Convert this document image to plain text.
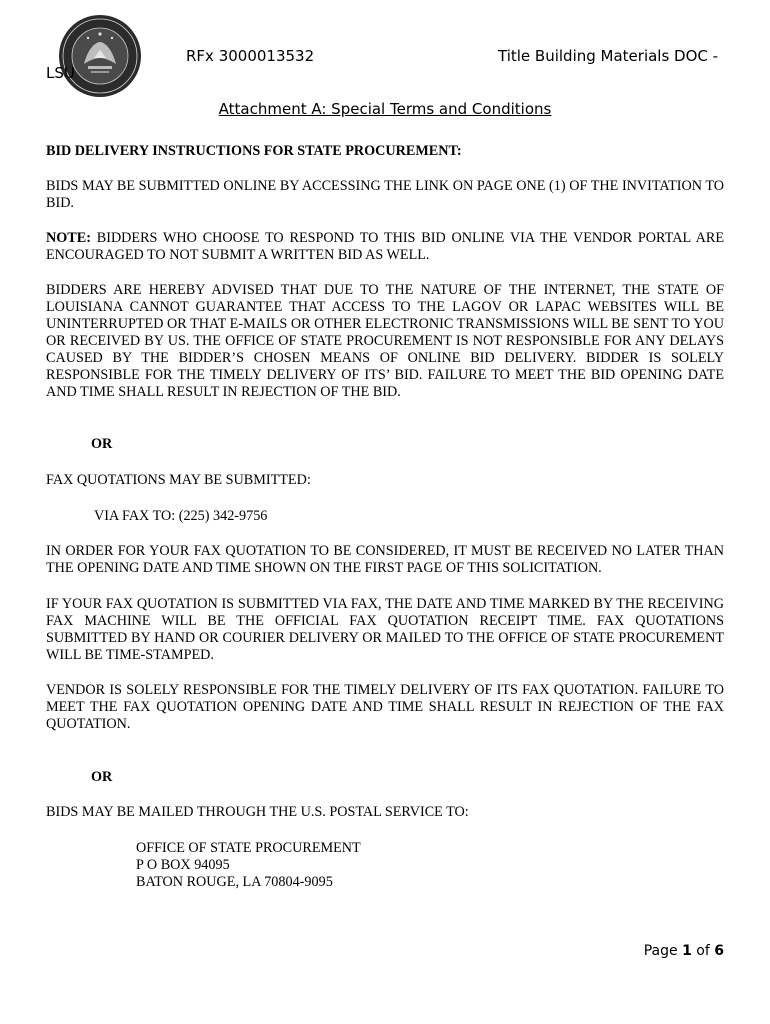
RFx 3000013532	Title Building Materials DOC -
LSU
Attachment A: Special Terms and Conditions
BID DELIVERY INSTRUCTIONS FOR STATE PROCUREMENT:
BIDS MAY BE SUBMITTED ONLINE BY ACCESSING THE LINK ON PAGE ONE (1) OF THE INVITATION TO BID.
NOTE: BIDDERS WHO CHOOSE TO RESPOND TO THIS BID ONLINE VIA THE VENDOR PORTAL ARE ENCOURAGED TO NOT SUBMIT A WRITTEN BID AS WELL.
BIDDERS ARE HEREBY ADVISED THAT DUE TO THE NATURE OF THE INTERNET, THE STATE OF LOUISIANA CANNOT GUARANTEE THAT ACCESS TO THE LAGOV OR LAPAC WEBSITES WILL BE UNINTERRUPTED OR THAT E-MAILS OR OTHER ELECTRONIC TRANSMISSIONS WILL BE SENT TO YOU OR RECEIVED BY US. THE OFFICE OF STATE PROCUREMENT IS NOT RESPONSIBLE FOR ANY DELAYS CAUSED BY THE BIDDER’S CHOSEN MEANS OF ONLINE BID DELIVERY. BIDDER IS SOLELY RESPONSIBLE FOR THE TIMELY DELIVERY OF ITS’ BID. FAILURE TO MEET THE BID OPENING DATE AND TIME SHALL RESULT IN REJECTION OF THE BID.
OR
FAX QUOTATIONS MAY BE SUBMITTED:
VIA FAX TO: (225) 342-9756
IN ORDER FOR YOUR FAX QUOTATION TO BE CONSIDERED, IT MUST BE RECEIVED NO LATER THAN THE OPENING DATE AND TIME SHOWN ON THE FIRST PAGE OF THIS SOLICITATION.
IF YOUR FAX QUOTATION IS SUBMITTED VIA FAX, THE DATE AND TIME MARKED BY THE RECEIVING FAX MACHINE WILL BE THE OFFICIAL FAX QUOTATION RECEIPT TIME. FAX QUOTATIONS SUBMITTED BY HAND OR COURIER DELIVERY OR MAILED TO THE OFFICE OF STATE PROCUREMENT WILL BE TIME-STAMPED.
VENDOR IS SOLELY RESPONSIBLE FOR THE TIMELY DELIVERY OF ITS FAX QUOTATION. FAILURE TO MEET THE FAX QUOTATION OPENING DATE AND TIME SHALL RESULT IN REJECTION OF THE FAX QUOTATION.
OR
BIDS MAY BE MAILED THROUGH THE U.S. POSTAL SERVICE TO:
OFFICE OF STATE PROCUREMENT
P O BOX 94095
BATON ROUGE, LA 70804-9095
Page 1 of 6
